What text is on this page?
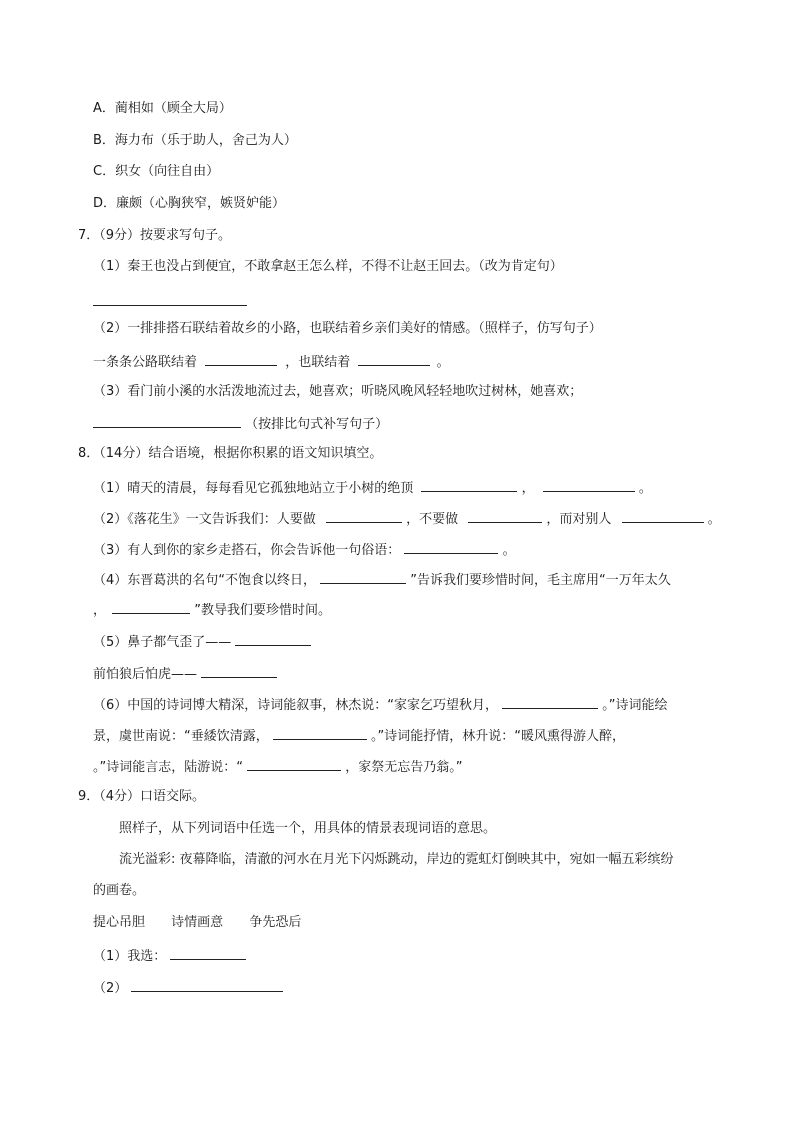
A．蔺相如（顾全大局）
B．海力布（乐于助人，舍己为人）
C．织女（向往自由）
D．廉颇（心胸狭窄，嫉贤妒能）
7．（9分）按要求写句子。
（1）秦王也没占到便宜，不敢拿赵王怎么样，不得不让赵王回去。（改为肯定句）
（2）一排排搭石联结着故乡的小路，也联结着乡亲们美好的情感。（照样子，仿写句子）
一条条公路联结着	，也联结着	。
（3）看门前小溪的水活泼地流过去，她喜欢；听晓风晚风轻轻地吹过树林，她喜欢；
（按排比句式补写句子）
8．（14分）结合语境，根据你积累的语文知识填空。
（1）晴天的清晨，每每看见它孤独地站立于小树的绝顶	，	。
（2）《落花生》一文告诉我们：人要做	，不要做	，而对别人	。
（3）有人到你的家乡走搭石，你会告诉他一句俗语：	。
（4）东晋葛洪的名句“不饱食以终日，	”告诉我们要珍惜时间，毛主席用“一万年太久
，	”教导我们要珍惜时间。
（5）鼻子都气歪了——
前怕狼后怕虎——
（6）中国的诗词博大精深，诗词能叙事，林杰说：“家家乞巧望秋月，	。”诗词能绘
景，虞世南说：“垂緌饮清露，	。”诗词能抒情，林升说：“暖风熏得游人醉，
。”诗词能言志，陆游说：“	，家祭无忘告乃翁。”
9．（4分）口语交际。
照样子，从下列词语中任选一个，用具体的情景表现词语的意思。
流光溢彩: 夜幕降临，清澈的河水在月光下闪烁跳动，岸边的霓虹灯倒映其中，宛如一幅五彩缤纷
的画卷。
提心吊胆 诗情画意 争先恐后
（1）我选：
（2）
